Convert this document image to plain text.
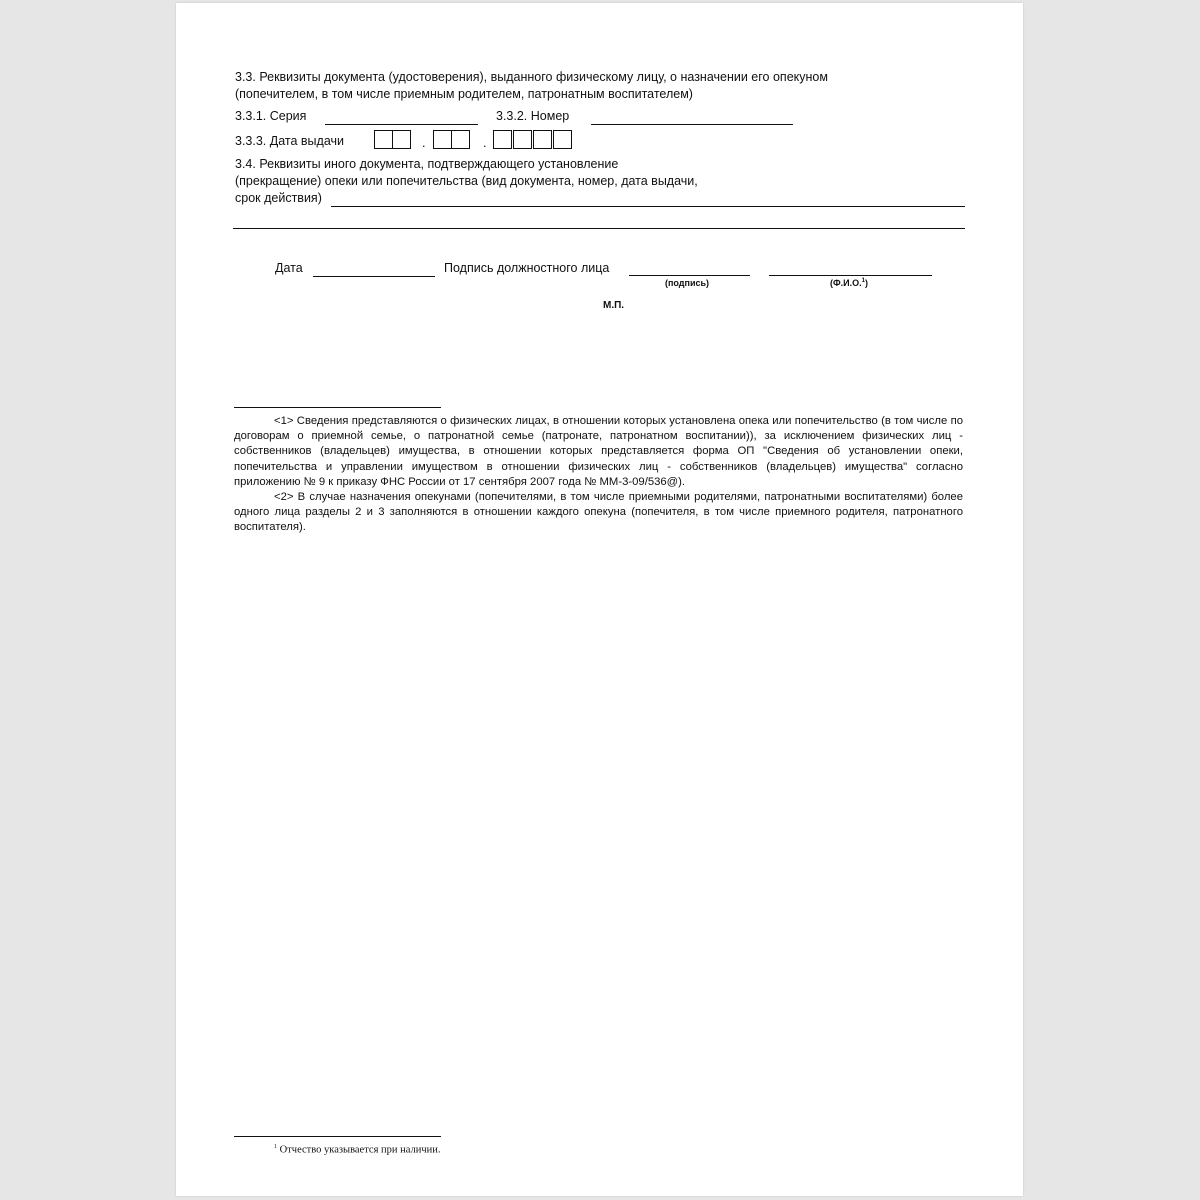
3.3. Реквизиты документа (удостоверения), выданного физическому лицу, о назначении его опекуном
(попечителем, в том числе приемным родителем, патронатным воспитателем)
3.3.1. Серия	3.3.2. Номер
3.3.3. Дата выдачи	.	.
3.4. Реквизиты иного документа, подтверждающего установление
(прекращение) опеки или попечительства (вид документа, номер, дата выдачи,
срок действия)
Дата	Подпись должностного лица
(подпись)	(Ф.И.О.$^1$)
М.П.

<1> Сведения представляются о физических лицах, в отношении которых установлена опека или попечительство (в том числе по договорам о приемной семье, о патронатной семье (патронате, патронатном воспитании)), за исключением физических лиц - собственников (владельцев) имущества, в отношении которых представляется форма ОП "Сведения об установлении опеки, попечительства и управлении имуществом в отношении физических лиц - собственников (владельцев) имущества" согласно приложению № 9 к приказу ФНС России от 17 сентября 2007 года № ММ-3-09/536@).

<2> В случае назначения опекунами (попечителями, в том числе приемными родителями, патронатными воспитателями) более одного лица разделы 2 и 3 заполняются в отношении каждого опекуна (попечителя, в том числе приемного родителя, патронатного воспитателя).

$^1$ Отчество указывается при наличии.
